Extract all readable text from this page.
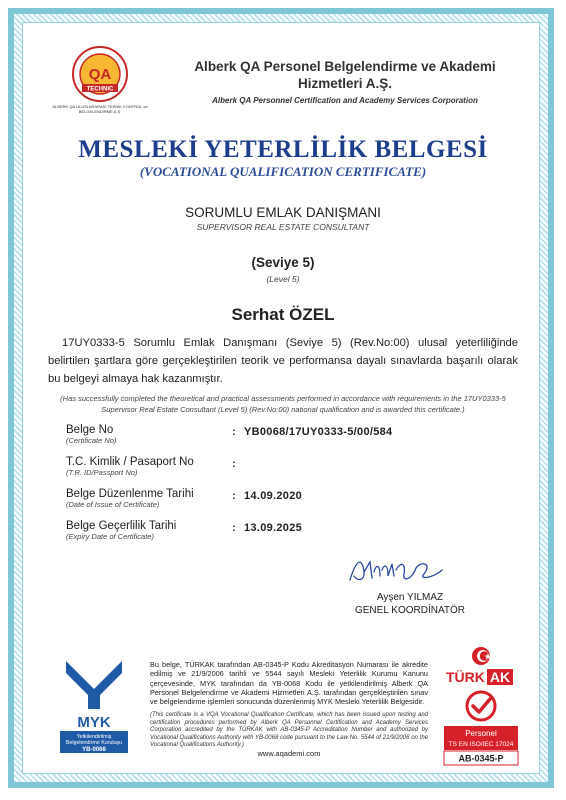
QA
TECHNIC
ALBERK QA ULUSLARARASI TEKNİK KONTROL ve BELGELENDİRME A.Ş.
Alberk QA Personel Belgelendirme ve Akademi
Hizmetleri A.Ş.
Alberk QA Personnel Certification and Academy Services Corporation
MESLEKİ YETERLİLİK BELGESİ
(VOCATIONAL QUALIFICATION CERTIFICATE)
SORUMLU EMLAK DANIŞMANI
SUPERVISOR REAL ESTATE CONSULTANT
(Seviye 5)
(Level 5)
Serhat ÖZEL
17UY0333-5 Sorumlu Emlak Danışmanı (Seviye 5) (Rev.No:00) ulusal yeterliliğinde belirtilen şartlara göre gerçekleştirilen teorik ve performansa dayalı sınavlarda başarılı olarak bu belgeyi almaya hak kazanmıştır.
(Has successfully completed the theoretical and practical assessments performed in accordance with requirements in the 17UY0333-5 Supervisor Real Estate Consultant (Level 5) (Rev.No:00) national qualification and is awarded this certificate.)
Belge No
(Certificate No)
: YB0068/17UY0333-5/00/584
T.C. Kimlik / Pasaport No
(T.R. ID/Passport No)
:
Belge Düzenlenme Tarihi
(Date of Issue of Certificate)
: 14.09.2020
Belge Geçerlilik Tarihi
(Expiry Date of Certificate)
: 13.09.2025
Ayşen YILMAZ
GENEL KOORDİNATÖR
MYK
Yetkilendirilmiş
Belgelendirme Kuruluşu
YB-0068
Bu belge, TÜRKAK tarafından AB-0345-P Kodu Akreditasyon Numarası ile akredite edilmiş ve 21/9/2006 tarihli ve 5544 sayılı Mesleki Yeterlilik Kurumu Kanunu çerçevesinde, MYK tarafından da YB-0068 Kodu ile yetkilendirilmiş Alberk QA Personel Belgelendirme ve Akademi Hizmetleri A.Ş. tarafından gerçekleştirilen sınav ve belgelendirme işlemleri sonucunda düzenlenmiş MYK Mesleki Yeterlilik Belgesidir.
(This certificate is a VQA Vocational Qualification Certificate, which has been issued upon testing and certification procedures performed by Alberk QA Personnel Certification and Academy Services Corporation accredited by the TÜRKAK with AB-0345-P Accreditation Number and authorized by Vocational Qualifications Authority with YB-0068 code pursuant to the Law No. 5544 of 21/9/2006 on the Vocational Qualifications Authority.)
www.aqademi.com
TÜRK AK
Personel
TS EN ISO/IEC 17024
AB-0345-P
